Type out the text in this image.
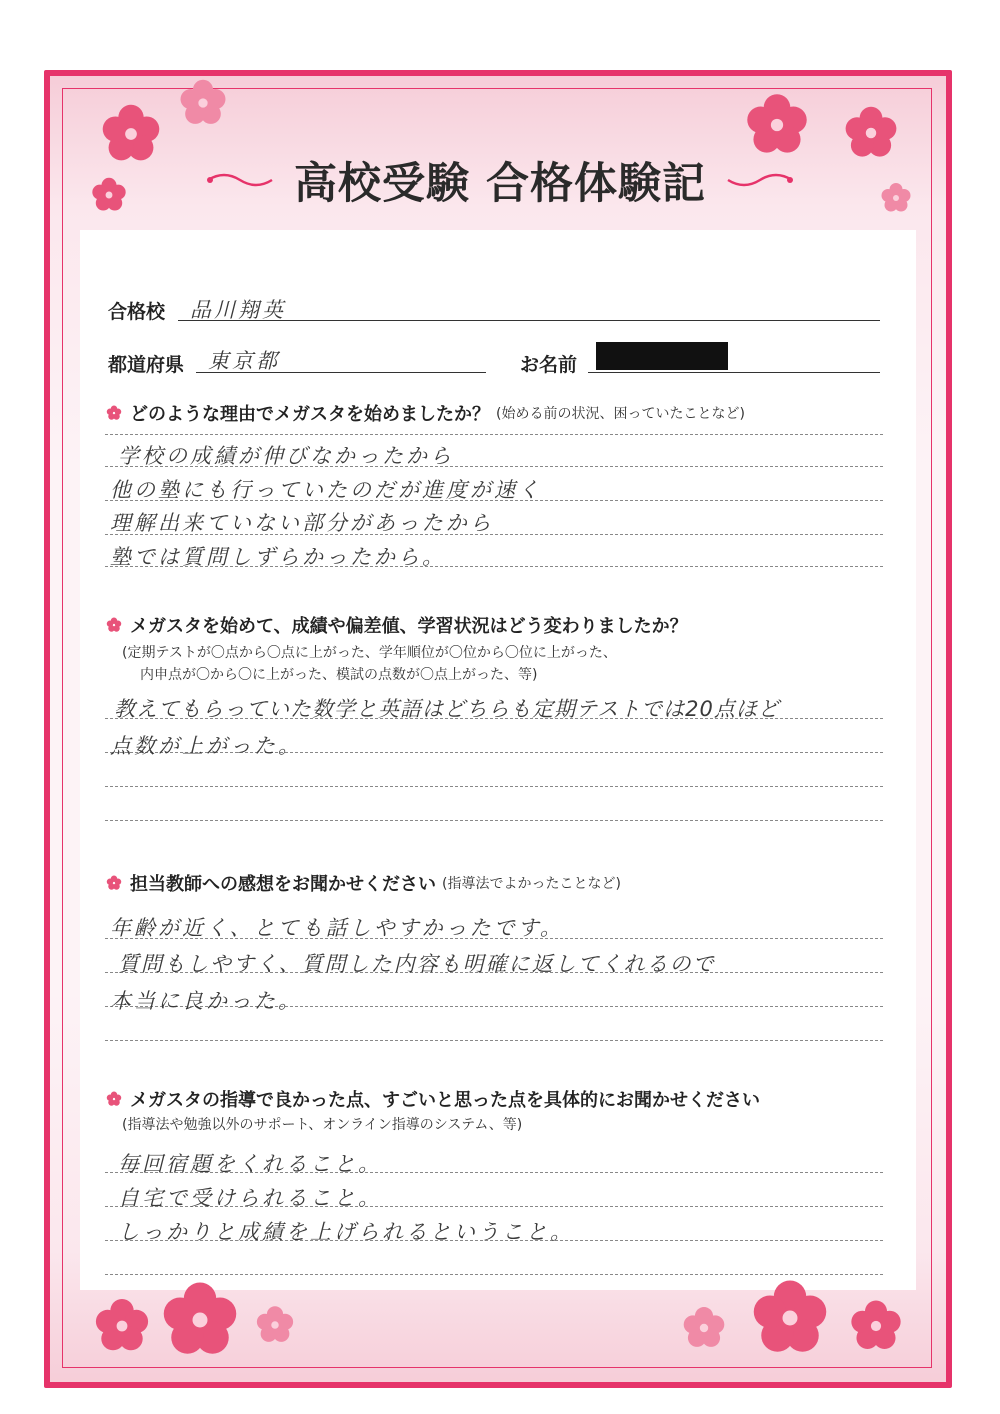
高校受験 合格体験記
合格校 品川翔英
都道府県 東京都	お名前
どのような理由でメガスタを始めましたか？ (始める前の状況、困っていたことなど)
学校の成績が伸びなかったから
他の塾にも行っていたのだが進度が速く
理解出来ていない部分があったから
塾では質問しずらかったから。
メガスタを始めて、成績や偏差値、学習状況はどう変わりましたか？
(定期テストが〇点から〇点に上がった、学年順位が〇位から〇位に上がった、
内申点が〇から〇に上がった、模試の点数が〇点上がった、等)
教えてもらっていた数学と英語はどちらも定期テストでは20点ほど
点数が上がった。
担当教師への感想をお聞かせください (指導法でよかったことなど)
年齢が近く、とても話しやすかったです。
質問もしやすく、質問した内容も明確に返してくれるので
本当に良かった。
メガスタの指導で良かった点、すごいと思った点を具体的にお聞かせください
(指導法や勉強以外のサポート、オンライン指導のシステム、等)
毎回宿題をくれること。
自宅で受けられること。
しっかりと成績を上げられるということ。
